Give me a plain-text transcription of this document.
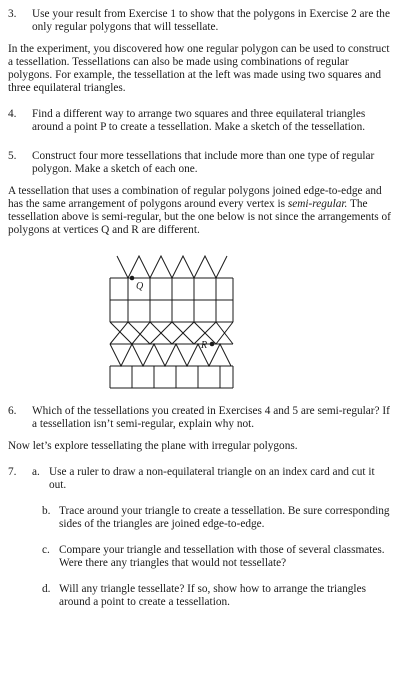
3.	Use your result from Exercise 1 to show that the polygons in Exercise 2 are the only regular polygons that will tessellate.

In the experiment, you discovered how one regular polygon can be used to construct a tessellation. Tessellations can also be made using combinations of regular polygons. For example, the tessellation at the left was made using two squares and three equilateral triangles.

4.	Find a different way to arrange two squares and three equilateral triangles around a point P to create a tessellation. Make a sketch of the tessellation.
5.	Construct four more tessellations that include more than one type of regular polygon. Make a sketch of each one.

A tessellation that uses a combination of regular polygons joined edge-to-edge and has the same arrangement of polygons around every vertex is semi-regular. The tessellation above is semi-regular, but the one below is not since the arrangements of polygons at vertices Q and R are different.

Q
R
6.	Which of the tessellations you created in Exercises 4 and 5 are semi-regular? If a tessellation isn’t semi-regular, explain why not.

Now let’s explore tessellating the plane with irregular polygons.

7.	a. Use a ruler to draw a non-equilateral triangle on an index card and cut it out.
b. Trace around your triangle to create a tessellation. Be sure corresponding sides of the triangles are joined edge-to-edge.
c. Compare your triangle and tessellation with those of several classmates. Were there any triangles that would not tessellate?
d. Will any triangle tessellate? If so, show how to arrange the triangles around a point to create a tessellation.
